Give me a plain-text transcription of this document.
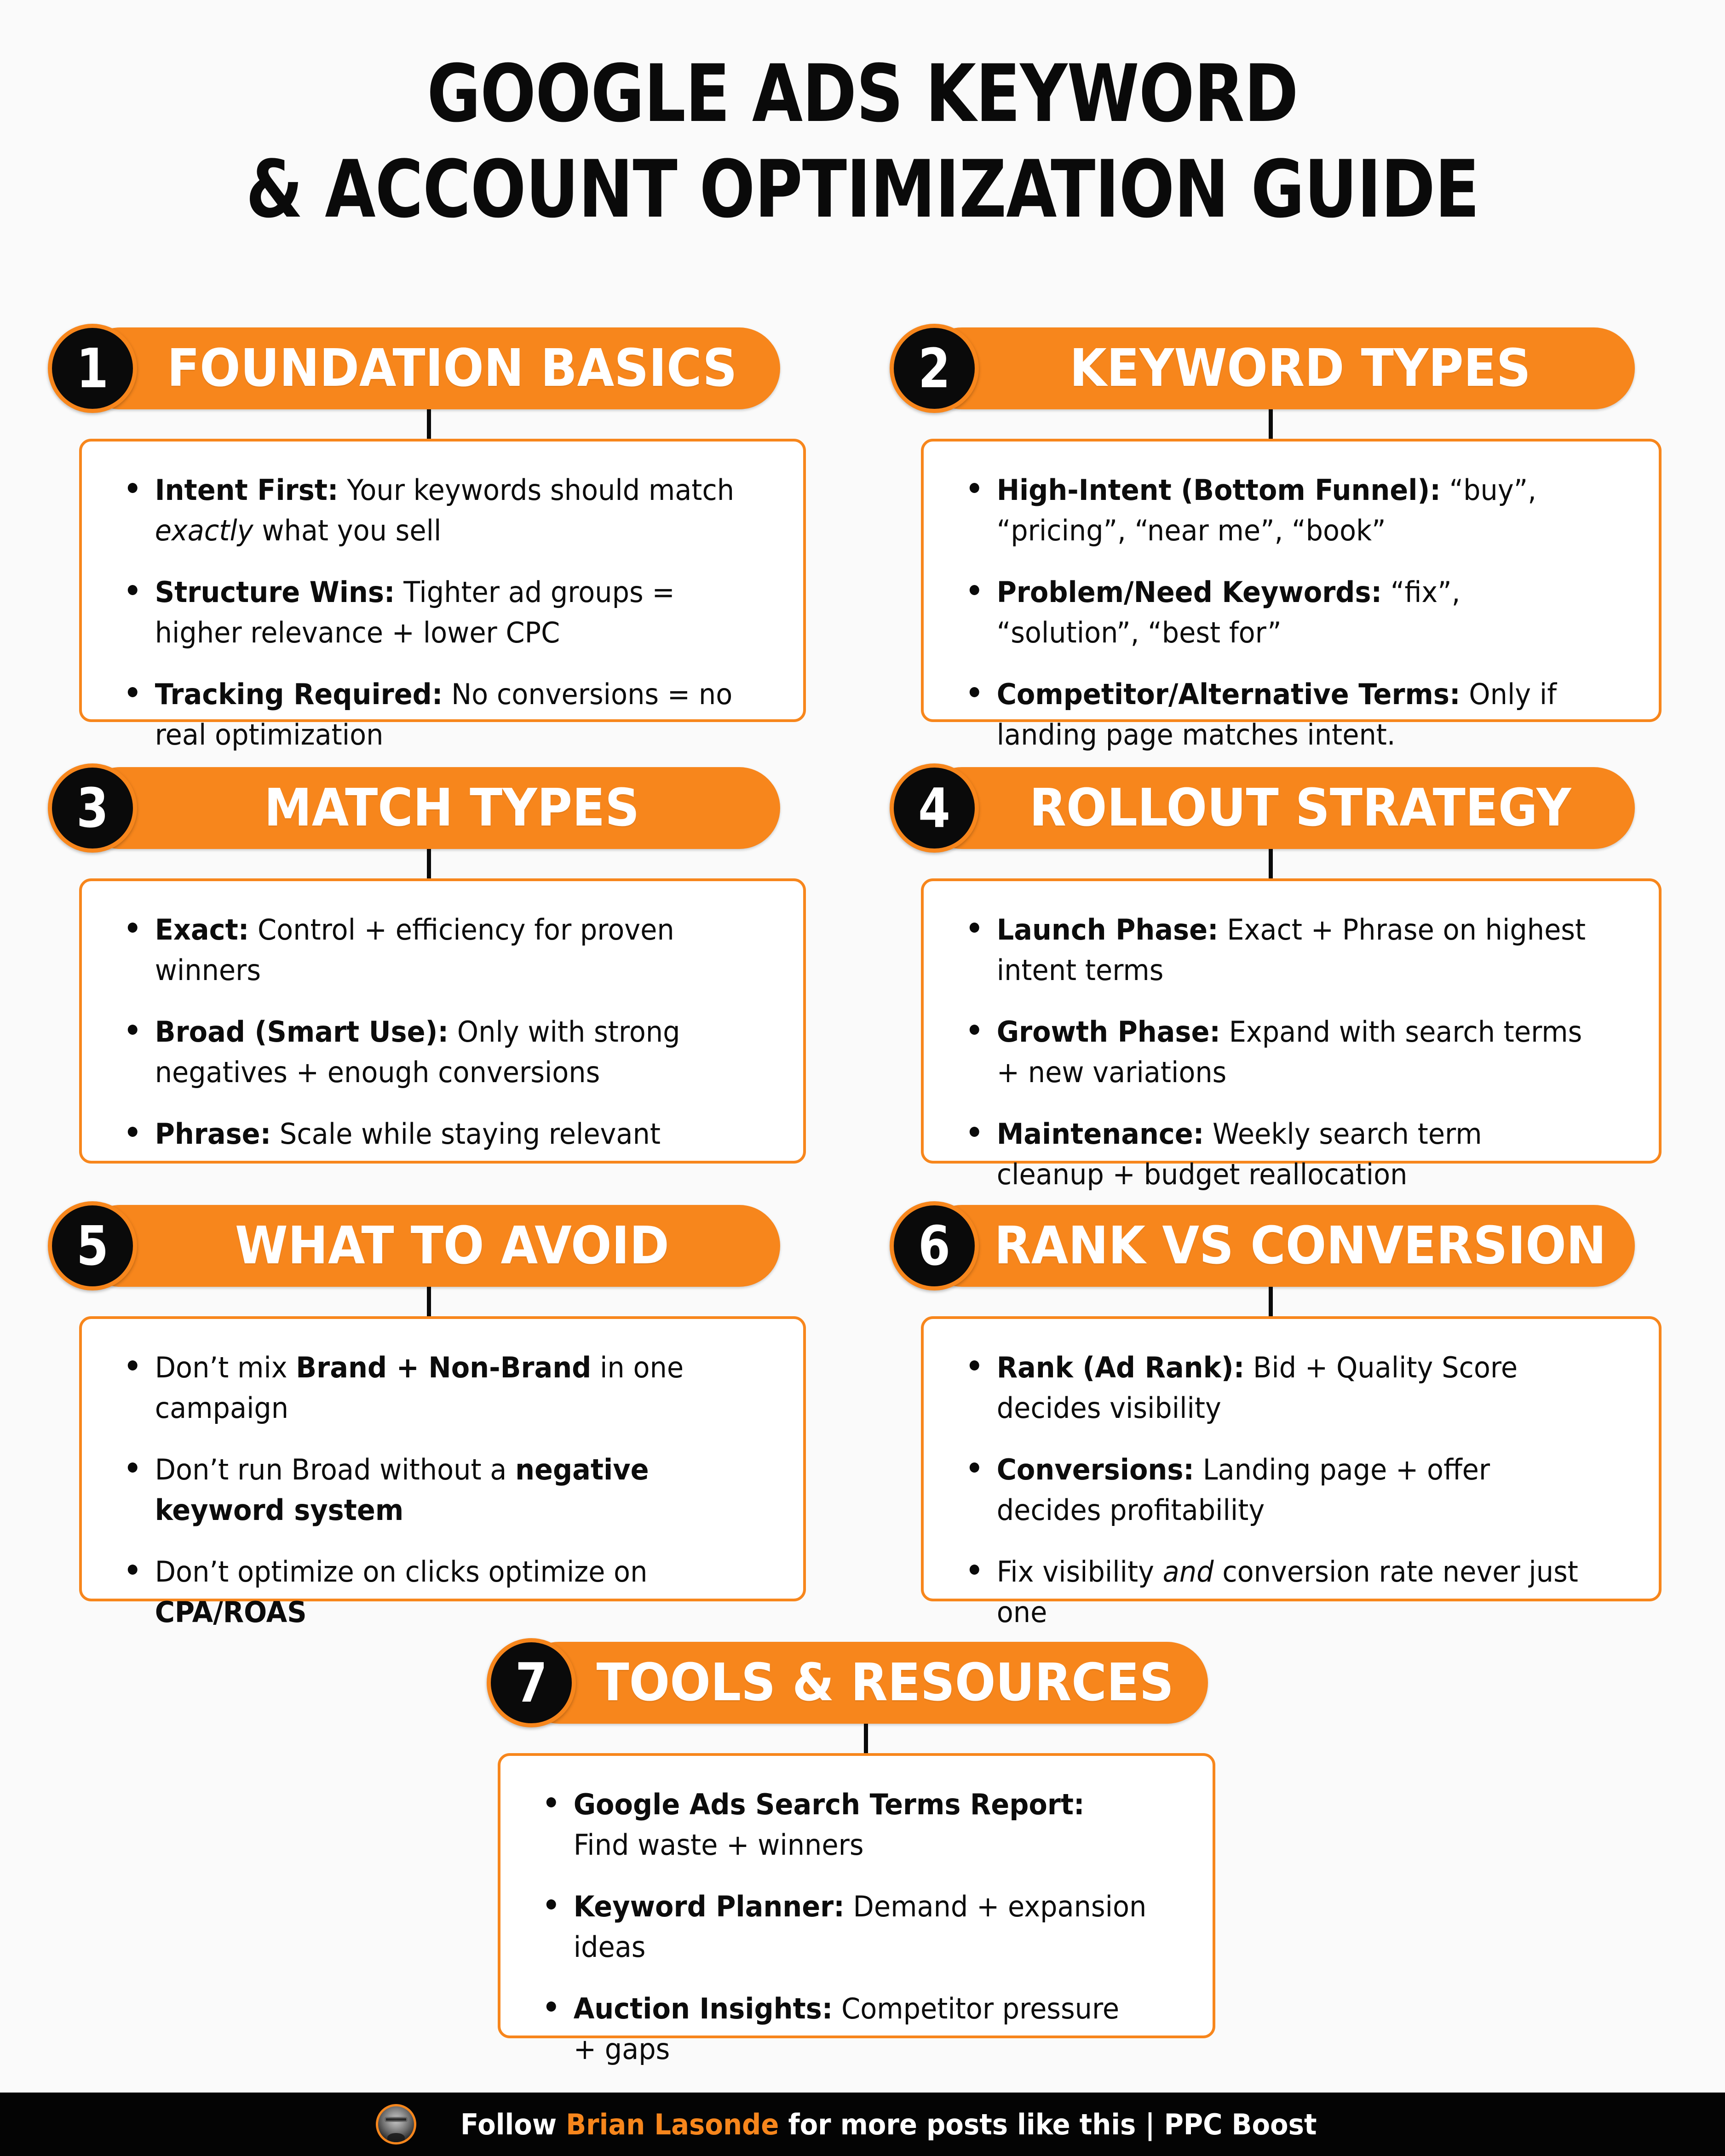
GOOGLE ADS KEYWORD
& ACCOUNT OPTIMIZATION GUIDE
FOUNDATION BASICS
1
Intent First: Your keywords should match exactly what you sell
Structure Wins: Tighter ad groups = higher relevance + lower CPC
Tracking Required: No conversions = no real optimization
KEYWORD TYPES
2
High-Intent (Bottom Funnel): “buy”, “pricing”, “near me”, “book”
Problem/Need Keywords: “fix”, “solution”, “best for”
Competitor/Alternative Terms: Only if landing page matches intent.
MATCH TYPES
3
Exact: Control + efficiency for proven winners
Broad (Smart Use): Only with strong negatives + enough conversions
Phrase: Scale while staying relevant
ROLLOUT STRATEGY
4
Launch Phase: Exact + Phrase on highest intent terms
Growth Phase: Expand with search terms + new variations
Maintenance: Weekly search term cleanup + budget reallocation
WHAT TO AVOID
5
Don’t mix Brand + Non-Brand in one campaign
Don’t run Broad without a negative keyword system
Don’t optimize on clicks optimize on CPA/ROAS
RANK VS CONVERSION
6
Rank (Ad Rank): Bid + Quality Score decides visibility
Conversions: Landing page + offer decides profitability
Fix visibility and conversion rate never just one
TOOLS & RESOURCES
7
Google Ads Search Terms Report: Find waste + winners
Keyword Planner: Demand + expansion ideas
Auction Insights: Competitor pressure + gaps
Follow Brian Lasonde for more posts like this | PPC Boost
